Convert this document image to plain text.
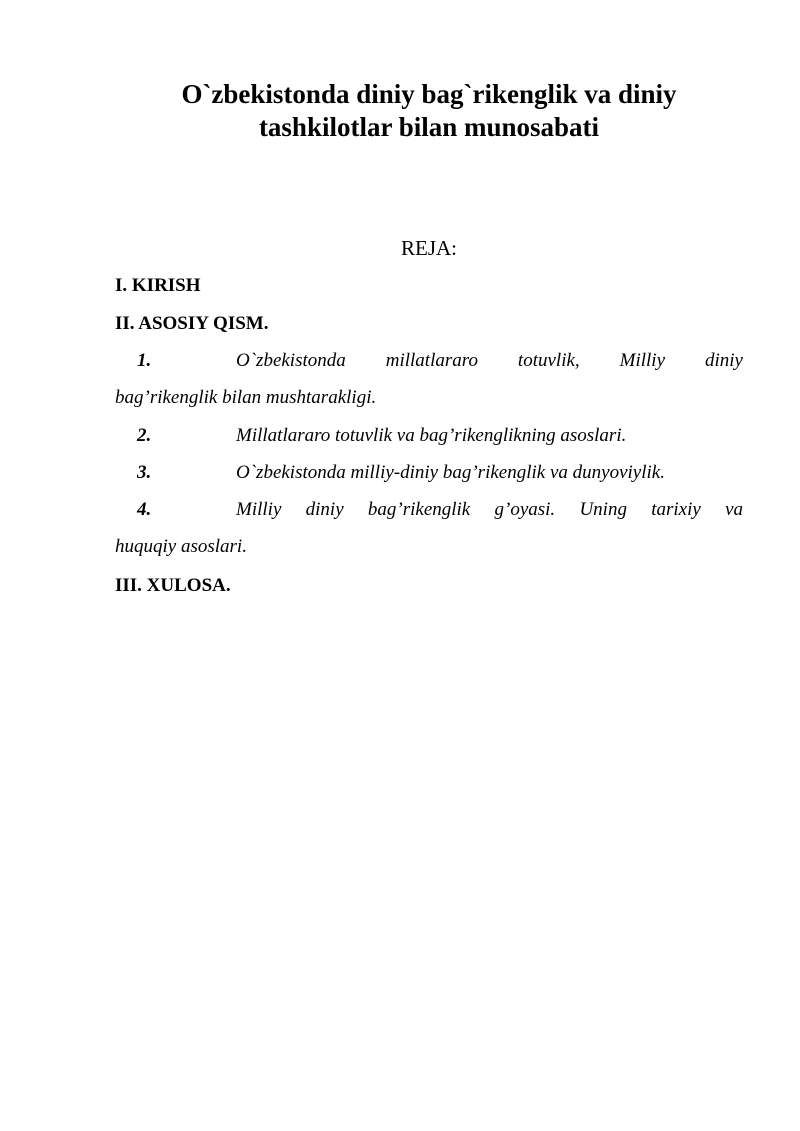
O`zbekistonda diniy bag`rikenglik va diniy
tashkilotlar bilan munosabati
REJA:
I. KIRISH
II. ASOSIY QISM.
1.	O`zbekistonda millatlararo totuvlik, Milliy diniy
bag’rikenglik bilan mushtarakligi.
2.	Millatlararo totuvlik va bag’rikenglikning asoslari.
3.	O`zbekistonda milliy-diniy bag’rikenglik va dunyoviylik.
4.	Milliy diniy bag’rikenglik g’oyasi. Uning tarixiy va
huquqiy asoslari.
III. XULOSA.
